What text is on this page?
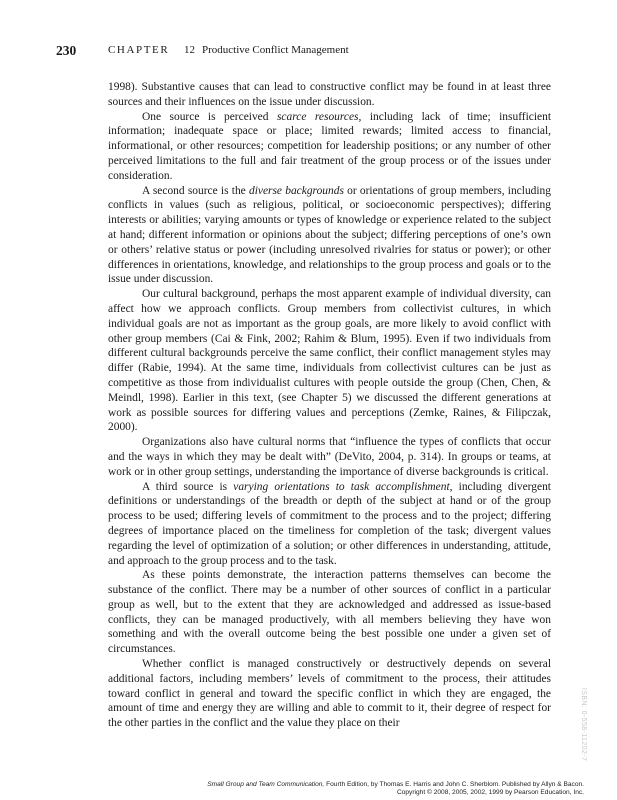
230	CHAPTER 12 Productive Conflict Management

1998). Substantive causes that can lead to constructive conflict may be found in at least three sources and their influences on the issue under discussion.

One source is perceived scarce resources, including lack of time; insufficient information; inadequate space or place; limited rewards; limited access to financial, informational, or other resources; competition for leadership positions; or any number of other perceived limitations to the full and fair treatment of the group process or of the issues under consideration.

A second source is the diverse backgrounds or orientations of group members, including conflicts in values (such as religious, political, or socioeconomic perspectives); differing interests or abilities; varying amounts or types of knowledge or experience related to the subject at hand; different information or opinions about the subject; differing perceptions of one’s own or others’ relative status or power (including unresolved rivalries for status or power); or other differences in orientations, knowledge, and relationships to the group process and goals or to the issue under discussion.

Our cultural background, perhaps the most apparent example of individual diversity, can affect how we approach conflicts. Group members from collectivist cultures, in which individual goals are not as important as the group goals, are more likely to avoid conflict with other group members (Cai & Fink, 2002; Rahim & Blum, 1995). Even if two individuals from different cultural backgrounds perceive the same conflict, their conflict management styles may differ (Rabie, 1994). At the same time, individuals from collectivist cultures can be just as competitive as those from individualist cultures with people outside the group (Chen, Chen, & Meindl, 1998). Earlier in this text, (see Chapter 5) we discussed the different generations at work as possible sources for differing values and perceptions (Zemke, Raines, & Filipczak, 2000).

Organizations also have cultural norms that “influence the types of conflicts that occur and the ways in which they may be dealt with” (DeVito, 2004, p. 314). In groups or teams, at work or in other group settings, understanding the importance of diverse backgrounds is critical.

A third source is varying orientations to task accomplishment, including divergent definitions or understandings of the breadth or depth of the subject at hand or of the group process to be used; differing levels of commitment to the process and to the project; differing degrees of importance placed on the timeliness for completion of the task; divergent values regarding the level of optimization of a solution; or other differences in understanding, attitude, and approach to the group process and to the task.

As these points demonstrate, the interaction patterns themselves can become the substance of the conflict. There may be a number of other sources of conflict in a particular group as well, but to the extent that they are acknowledged and addressed as issue-based conflicts, they can be managed productively, with all members believing they have won something and with the overall outcome being the best possible one under a given set of circumstances.

Whether conflict is managed constructively or destructively depends on several additional factors, including members’ levels of commitment to the process, their attitudes toward conflict in general and toward the specific conflict in which they are engaged, the amount of time and energy they are willing and able to commit to it, their degree of respect for the other parties in the conflict and the value they place on their	ISBN: 0-558-11202-7
Small Group and Team Communication, Fourth Edition, by Thomas E. Harris and John C. Sherblom. Published by Allyn & Bacon.
Copyright © 2008, 2005, 2002, 1999 by Pearson Education, Inc.
